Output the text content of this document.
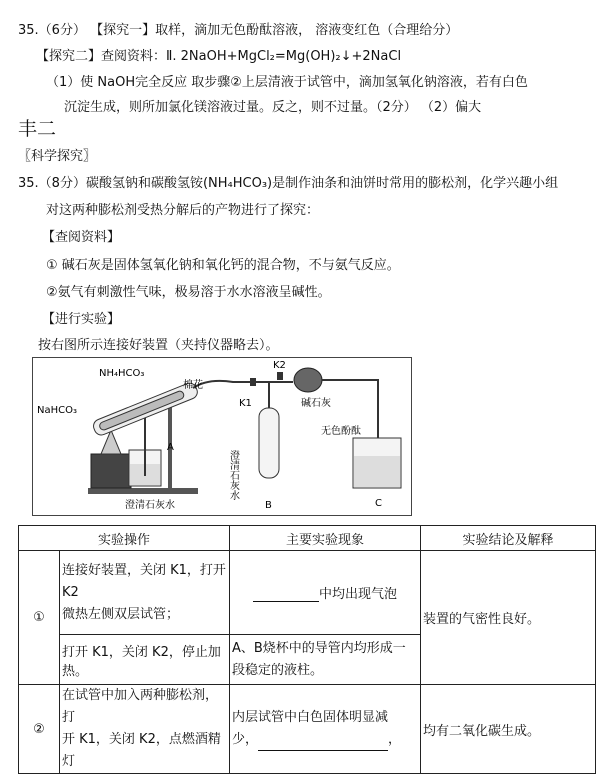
35.（6分） 【探究一】取样，滴加无色酚酞溶液， 溶液变红色（合理给分）
【探究二】查阅资料：Ⅱ. 2NaOH+MgCl₂=Mg(OH)₂↓+2NaCl
（1）使 NaOH完全反应 取步骤②上层清液于试管中，滴加氢氧化钠溶液，若有白色
沉淀生成，则所加氯化镁溶液过量。反之，则不过量。（2分） （2）偏大
丰二
〖科学探究〗
35.（8分）碳酸氢钠和碳酸氢铵(NH₄HCO₃)是制作油条和油饼时常用的膨松剂，化学兴趣小组
对这两种膨松剂受热分解后的产物进行了探究：
【查阅资料】
① 碱石灰是固体氢氧化钠和氧化钙的混合物，不与氨气反应。
②氨气有刺激性气味，极易溶于水水溶液呈碱性。
【进行实验】
按右图所示连接好装置（夹持仪器略去）。
NH₄HCO₃
NaHCO₃
棉花
K2
K1	碱石灰
A
B	C
澄清石灰水
澄清石灰水
无色酚酞
实验操作		主要实验现象	实验结论及解释
①	连接好装置，关闭 K1，打开
K2
微热左侧双层试管；	中均出现气泡	装置的气密性良好。
	打开 K1，关闭 K2，停止加热。	A、B烧杯中的导管内均形成一
段稳定的液柱。	

②	在试管中加入两种膨松剂，打
开 K1，关闭 K2，点燃酒精灯	内层试管中白色固体明显减
少， ，	均有二氧化碳生成。
